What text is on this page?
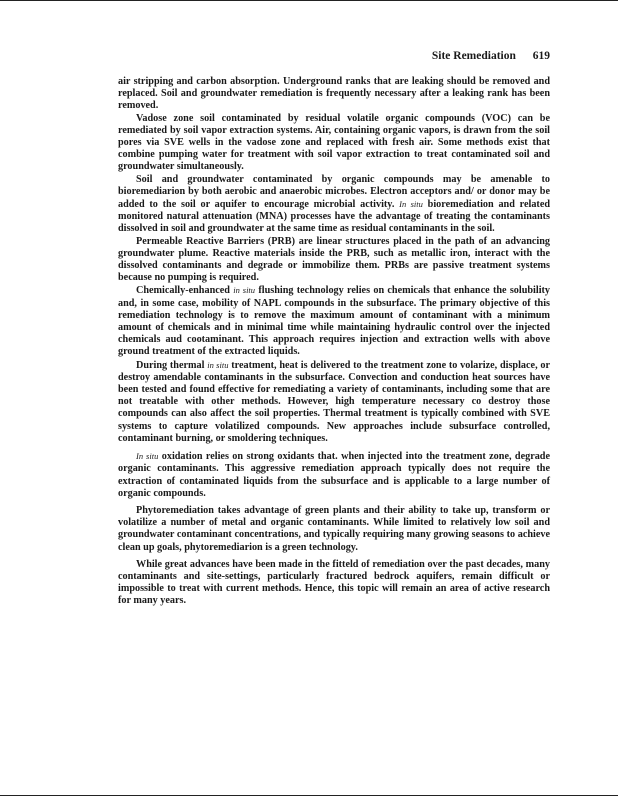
Site Remediation 619

air stripping and carbon absorption. Underground ranks that are leaking should be removed and replaced. Soil and groundwater remediation is frequently necessary after a leaking rank has been removed.

Vadose zone soil contaminated by residual volatile organic compounds (VOC) can be remediated by soil vapor extraction systems. Air, containing organic vapors, is drawn from the soil pores via SVE wells in the vadose zone and replaced with fresh air. Some methods exist that combine pumping water for treatment with soil vapor extraction to treat contaminated soil and groundwater simultaneously.

Soil and groundwater contaminated by organic compounds may be amenable to bioremediarion by both aerobic and anaerobic microbes. Electron acceptors and/ or donor may be added to the soil or aquifer to encourage microbial activity. In situ bioremediation and related monitored natural attenuation (MNA) processes have the advantage of treating the contaminants dissolved in soil and groundwater at the same time as residual contaminants in the soil.

Permeable Reactive Barriers (PRB) are linear structures placed in the path of an advancing groundwater plume. Reactive materials inside the PRB, such as metallic iron, interact with the dissolved contaminants and degrade or immobilize them. PRBs are passive treatment systems because no pumping is required.

Chemically-enhanced in situ flushing technology relies on chemicals that enhance the solubility and, in some case, mobility of NAPL compounds in the subsurface. The primary objective of this remediation technology is to remove the maximum amount of contaminant with a minimum amount of chemicals and in minimal time while maintaining hydraulic control over the injected chemicals aud cootaminant. This approach requires injection and extraction wells with above ground treatment of the extracted liquids.

During thermal in situ treatment, heat is delivered to the treatment zone to volarize, displace, or destroy amendable contaminants in the subsurface. Convection and conduction heat sources have been tested and found effective for remediating a variety of contaminants, including some that are not treatable with other methods. However, high temperature necessary co destroy those compounds can also affect the soil properties. Thermal treatment is typically combined with SVE systems to capture volatilized compounds. New approaches include subsurface controlled, contaminant burning, or smoldering techniques.

In situ oxidation relies on strong oxidants that. when injected into the treatment zone, degrade organic contaminants. This aggressive remediation approach typically does not require the extraction of contaminated liquids from the subsurface and is applicable to a large number of organic compounds.

Phytoremediation takes advantage of green plants and their ability to take up, transform or volatilize a number of metal and organic contaminants. While limited to relatively low soil and groundwater contaminant concentrations, and typically requiring many growing seasons to achieve clean up goals, phytoremediarion is a green technology.

While great advances have been made in the fitteld of remediation over the past decades, many contaminants and site-settings, particularly fractured bedrock aquifers, remain difficult or impossible to treat with current methods. Hence, this topic will remain an area of active research for many years.
